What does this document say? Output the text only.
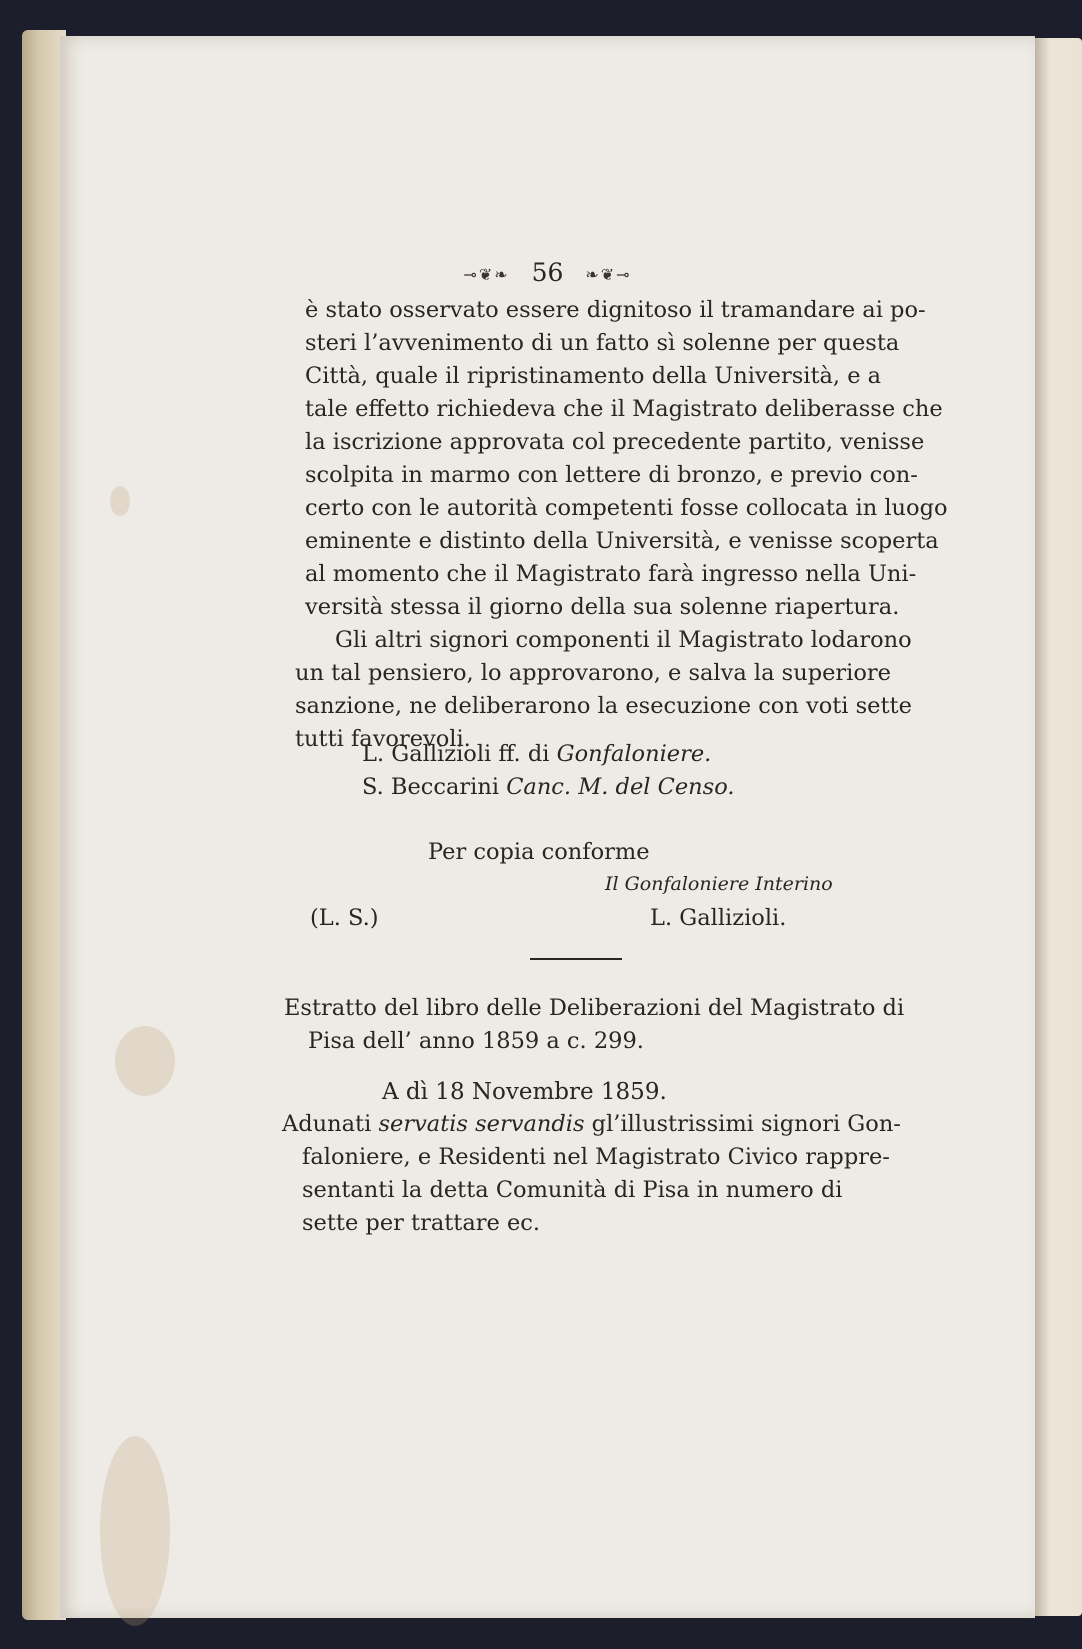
⊸❦❧ 56 ❧❦⊸
è stato osservato essere dignitoso il tramandare ai po-
steri l’avvenimento di un fatto sì solenne per questa
Città, quale il ripristinamento della Università, e a
tale effetto richiedeva che il Magistrato deliberasse che
la iscrizione approvata col precedente partito, venisse
scolpita in marmo con lettere di bronzo, e previo con-
certo con le autorità competenti fosse collocata in luogo
eminente e distinto della Università, e venisse scoperta
al momento che il Magistrato farà ingresso nella Uni-
versità stessa il giorno della sua solenne riapertura.
Gli altri signori componenti il Magistrato lodarono
un tal pensiero, lo approvarono, e salva la superiore
sanzione, ne deliberarono la esecuzione con voti sette
tutti favorevoli.
L. Gallizioli ff. di Gonfaloniere.
S. Beccarini Canc. M. del Censo.
Per copia conforme
Il Gonfaloniere Interino
(L. S.)	L. Gallizioli.
Estratto del libro delle Deliberazioni del Magistrato di
Pisa dell’ anno 1859 a c. 299.
A dì 18 Novembre 1859.
Adunati servatis servandis gl’illustrissimi signori Gon-
faloniere, e Residenti nel Magistrato Civico rappre-
sentanti la detta Comunità di Pisa in numero di
sette per trattare ec.
